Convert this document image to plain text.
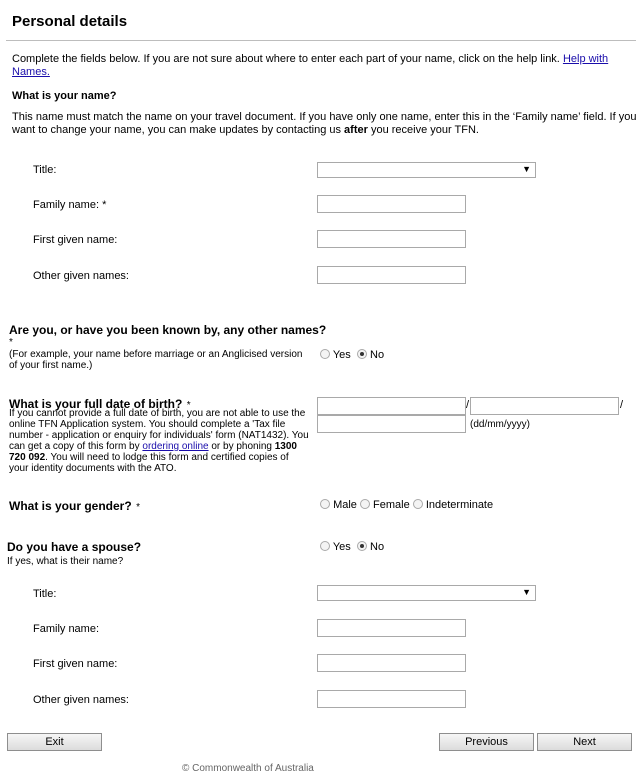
Personal details
Complete the fields below. If you are not sure about where to enter each part of your name, click on the help link. Help with Names.
What is your name?
This name must match the name on your travel document. If you have only one name, enter this in the ‘Family name’ field. If you want to change your name, you can make updates by contacting us after you receive your TFN.
Title:	▼
Family name: *
First given name:
Other given names:
Are you, or have you been known by, any other names?
*
(For example, your name before marriage or an Anglicised version of your first name.)
Yes No
What is your full date of birth? *
If you cannot provide a full date of birth, you are not able to use the online TFN Application system. You should complete a 'Tax file number - application or enquiry for individuals' form (NAT1432). You can get a copy of this form by ordering online or by phoning 1300 720 092. You will need to lodge this form and certified copies of your identity documents with the ATO.
/	/
(dd/mm/yyyy)
What is your gender? *	Male Female Indeterminate
Do you have a spouse?
If yes, what is their name?
Yes No
Title:	▼
Family name:
First given name:
Other given names:
Exit	Previous	Next
© Commonwealth of Australia
